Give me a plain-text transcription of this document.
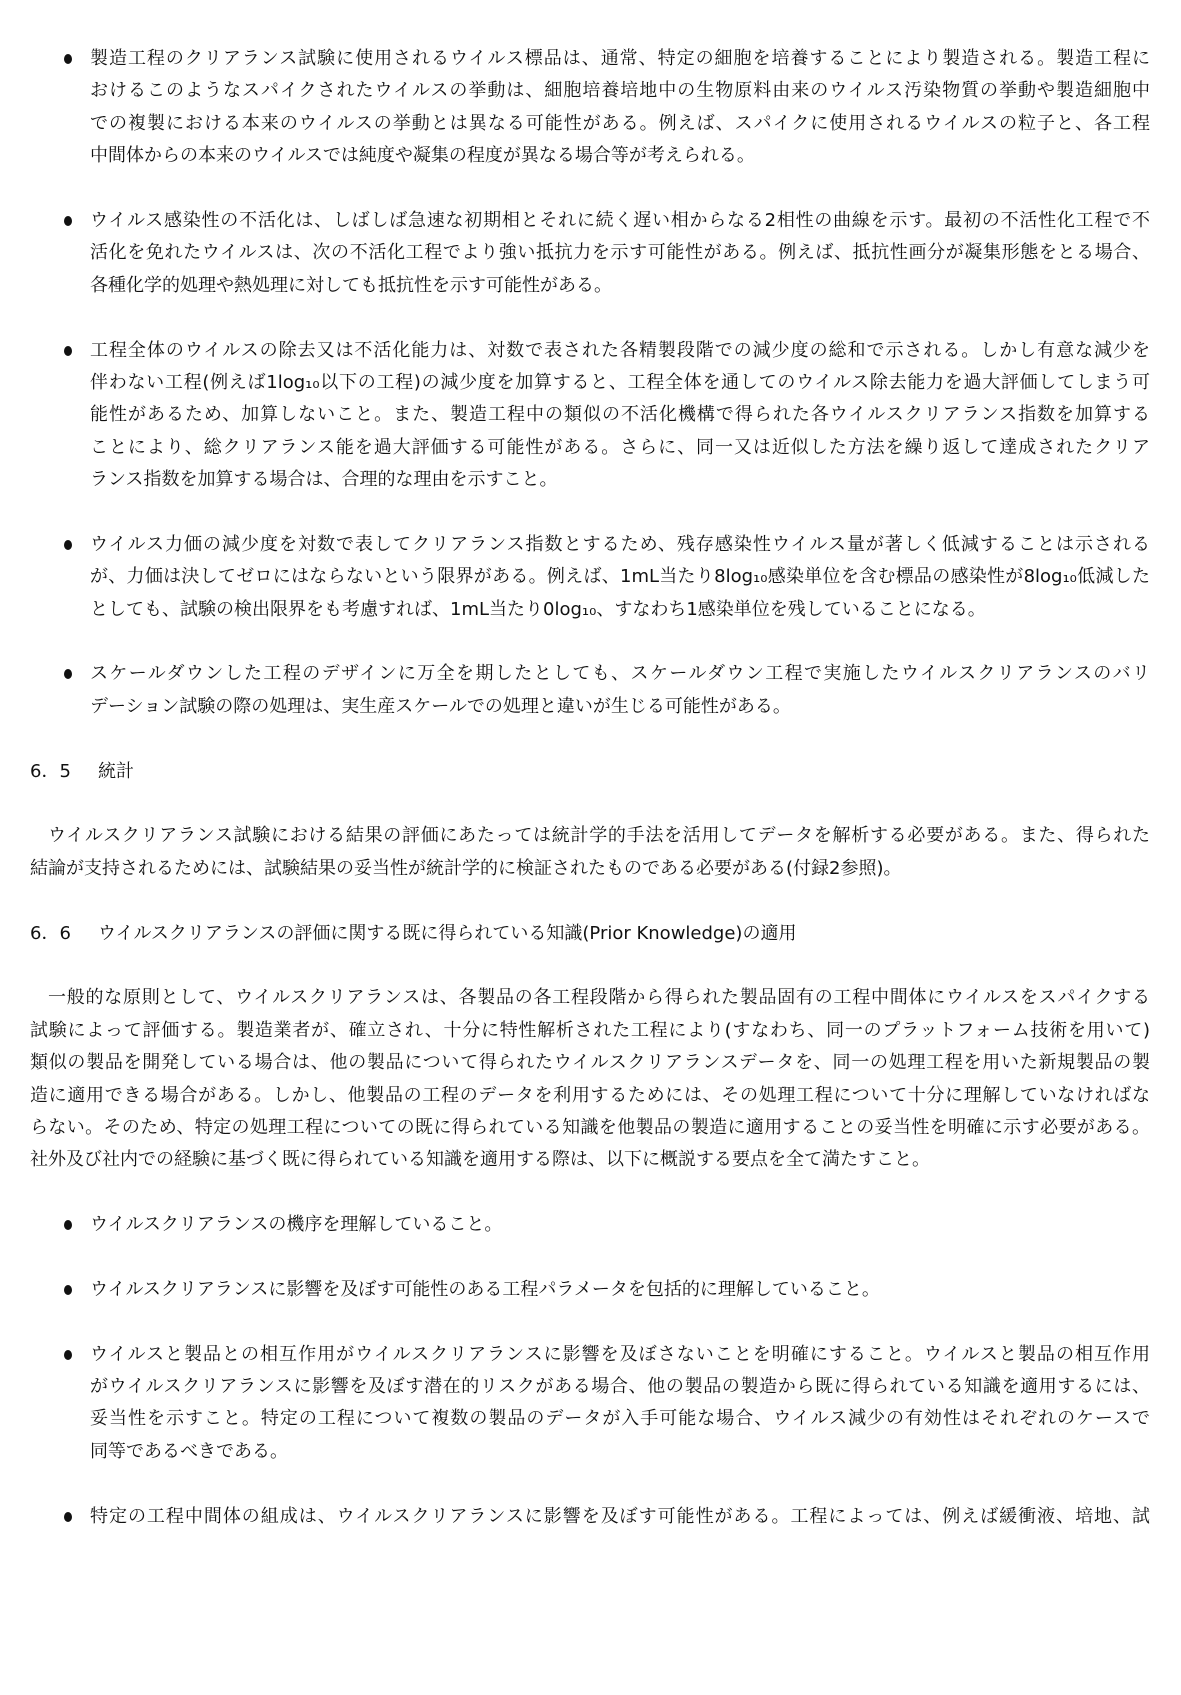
製造工程のクリアランス試験に使用されるウイルス標品は、通常、特定の細胞を培養することにより製造される。製造工程に
おけるこのようなスパイクされたウイルスの挙動は、細胞培養培地中の生物原料由来のウイルス汚染物質の挙動や製造細胞中
での複製における本来のウイルスの挙動とは異なる可能性がある。例えば、スパイクに使用されるウイルスの粒子と、各工程
中間体からの本来のウイルスでは純度や凝集の程度が異なる場合等が考えられる。
ウイルス感染性の不活化は、しばしば急速な初期相とそれに続く遅い相からなる2相性の曲線を示す。最初の不活性化工程で不
活化を免れたウイルスは、次の不活化工程でより強い抵抗力を示す可能性がある。例えば、抵抗性画分が凝集形態をとる場合、
各種化学的処理や熱処理に対しても抵抗性を示す可能性がある。
工程全体のウイルスの除去又は不活化能力は、対数で表された各精製段階での減少度の総和で示される。しかし有意な減少を
伴わない工程(例えば1log₁₀以下の工程)の減少度を加算すると、工程全体を通してのウイルス除去能力を過大評価してしまう可
能性があるため、加算しないこと。また、製造工程中の類似の不活化機構で得られた各ウイルスクリアランス指数を加算する
ことにより、総クリアランス能を過大評価する可能性がある。さらに、同一又は近似した方法を繰り返して達成されたクリア
ランス指数を加算する場合は、合理的な理由を示すこと。
ウイルス力価の減少度を対数で表してクリアランス指数とするため、残存感染性ウイルス量が著しく低減することは示される
が、力価は決してゼロにはならないという限界がある。例えば、1mL当たり8log₁₀感染単位を含む標品の感染性が8log₁₀低減した
としても、試験の検出限界をも考慮すれば、1mL当たり0log₁₀、すなわち1感染単位を残していることになる。
スケールダウンした工程のデザインに万全を期したとしても、スケールダウン工程で実施したウイルスクリアランスのバリ
デーション試験の際の処理は、実生産スケールでの処理と違いが生じる可能性がある。
6．5 統計
ウイルスクリアランス試験における結果の評価にあたっては統計学的手法を活用してデータを解析する必要がある。また、得られた
結論が支持されるためには、試験結果の妥当性が統計学的に検証されたものである必要がある(付録2参照)。
6．6 ウイルスクリアランスの評価に関する既に得られている知識(Prior Knowledge)の適用
一般的な原則として、ウイルスクリアランスは、各製品の各工程段階から得られた製品固有の工程中間体にウイルスをスパイクする
試験によって評価する。製造業者が、確立され、十分に特性解析された工程により(すなわち、同一のプラットフォーム技術を用いて)
類似の製品を開発している場合は、他の製品について得られたウイルスクリアランスデータを、同一の処理工程を用いた新規製品の製
造に適用できる場合がある。しかし、他製品の工程のデータを利用するためには、その処理工程について十分に理解していなければな
らない。そのため、特定の処理工程についての既に得られている知識を他製品の製造に適用することの妥当性を明確に示す必要がある。
社外及び社内での経験に基づく既に得られている知識を適用する際は、以下に概説する要点を全て満たすこと。
ウイルスクリアランスの機序を理解していること。
ウイルスクリアランスに影響を及ぼす可能性のある工程パラメータを包括的に理解していること。
ウイルスと製品との相互作用がウイルスクリアランスに影響を及ぼさないことを明確にすること。ウイルスと製品の相互作用
がウイルスクリアランスに影響を及ぼす潜在的リスクがある場合、他の製品の製造から既に得られている知識を適用するには、
妥当性を示すこと。特定の工程について複数の製品のデータが入手可能な場合、ウイルス減少の有効性はそれぞれのケースで
同等であるべきである。
特定の工程中間体の組成は、ウイルスクリアランスに影響を及ぼす可能性がある。工程によっては、例えば緩衝液、培地、試
